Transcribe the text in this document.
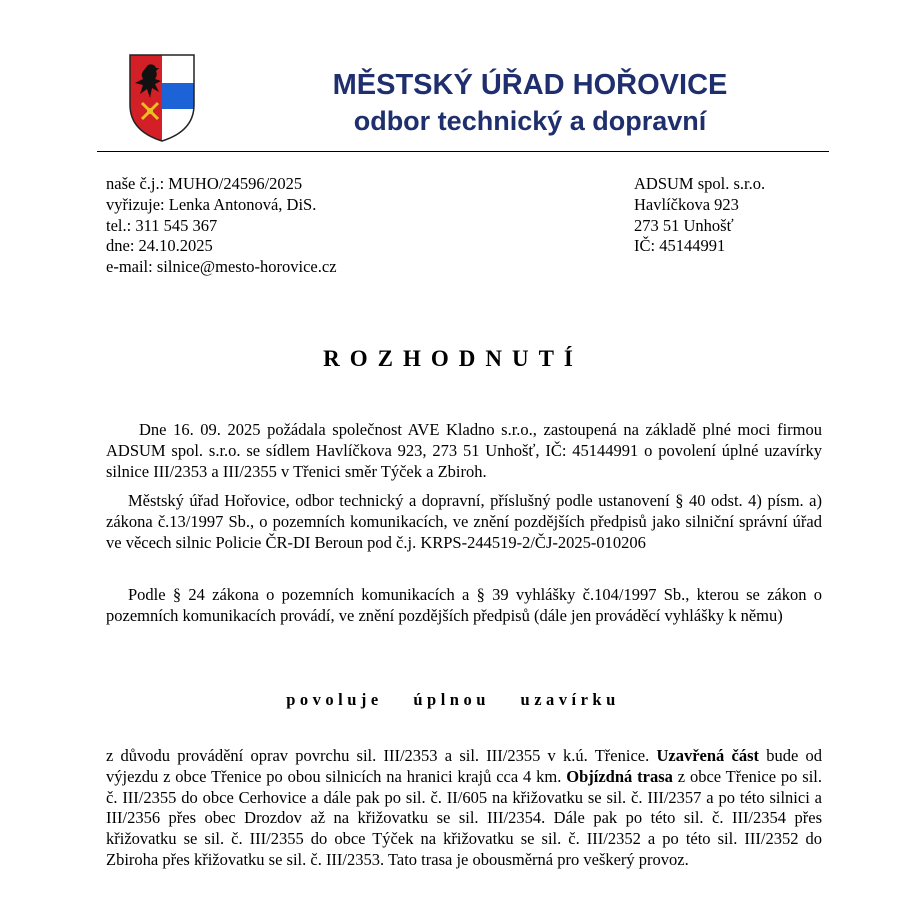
MĚSTSKÝ ÚŘAD HOŘOVICE
odbor technický a dopravní
naše č.j.: MUHO/24596/2025
vyřizuje: Lenka Antonová, DiS.
tel.: 311 545 367
dne: 24.10.2025
e-mail: silnice@mesto-horovice.cz
ADSUM spol. s.r.o.
Havlíčkova 923
273 51 Unhošť
IČ: 45144991
ROZHODNUTÍ
Dne 16. 09. 2025 požádala společnost AVE Kladno s.r.o., zastoupená na základě plné moci firmou ADSUM spol. s.r.o. se sídlem Havlíčkova 923, 273 51 Unhošť, IČ: 45144991 o povolení úplné uzavírky silnice III/2353 a III/2355 v Třenici směr Týček a Zbiroh.
Městský úřad Hořovice, odbor technický a dopravní, příslušný podle ustanovení § 40 odst. 4) písm. a) zákona č.13/1997 Sb., o pozemních komunikacích, ve znění pozdějších předpisů jako silniční správní úřad ve věcech silnic Policie ČR-DI Beroun pod č.j. KRPS-244519-2/ČJ-2025-010206
Podle § 24 zákona o pozemních komunikacích a § 39 vyhlášky č.104/1997 Sb., kterou se zákon o pozemních komunikacích provádí, ve znění pozdějších předpisů (dále jen prováděcí vyhlášky k němu)
povoluje úplnou uzavírku
z důvodu provádění oprav povrchu sil. III/2353 a sil. III/2355 v k.ú. Třenice. Uzavřená část bude od výjezdu z obce Třenice po obou silnicích na hranici krajů cca 4 km. Objízdná trasa z obce Třenice po sil. č. III/2355 do obce Cerhovice a dále pak po sil. č. II/605 na křižovatku se sil. č. III/2357 a po této silnici a III/2356 přes obec Drozdov až na křižovatku se sil. III/2354. Dále pak po této sil. č. III/2354 přes křižovatku se sil. č. III/2355 do obce Týček na křižovatku se sil. č. III/2352 a po této sil. III/2352 do Zbiroha přes křižovatku se sil. č. III/2353. Tato trasa je obousměrná pro veškerý provoz.
